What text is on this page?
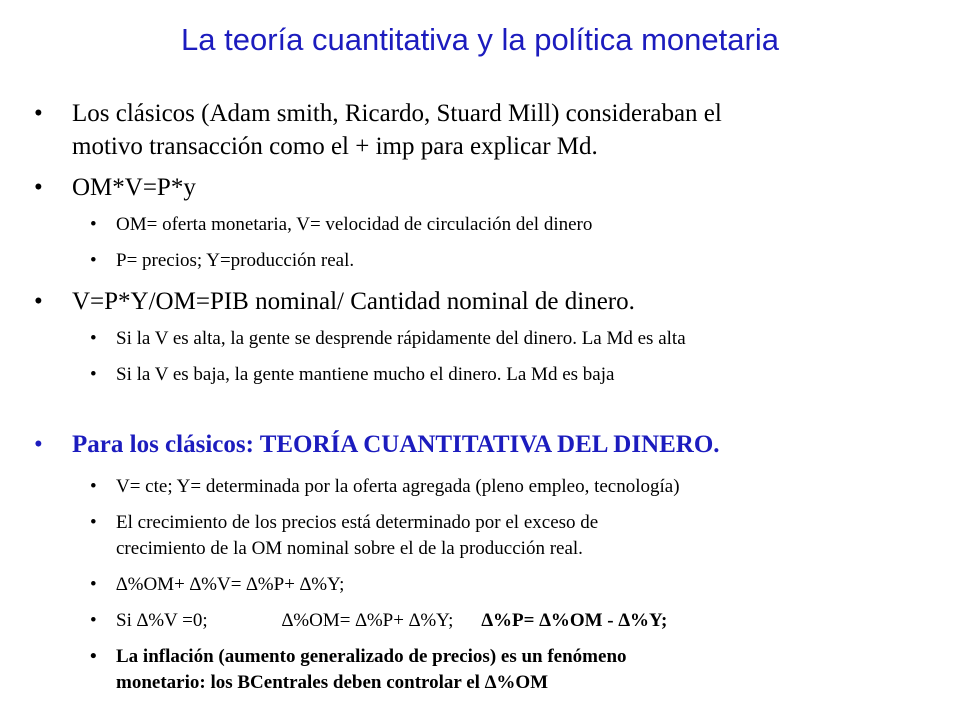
La teoría cuantitativa y la política monetaria
• Los clásicos (Adam smith, Ricardo, Stuard Mill) consideraban el
motivo transacción como el + imp para explicar Md.
• OM*V=P*y
• OM= oferta monetaria, V= velocidad de circulación del dinero
• P= precios; Y=producción real.
• V=P*Y/OM=PIB nominal/ Cantidad nominal de dinero.
• Si la V es alta, la gente se desprende rápidamente del dinero. La Md es alta
• Si la V es baja, la gente mantiene mucho el dinero. La Md es baja
• Para los clásicos: TEORÍA CUANTITATIVA DEL DINERO.
• V= cte; Y= determinada por la oferta agregada (pleno empleo, tecnología)
• El crecimiento de los precios está determinado por el exceso de
crecimiento de la OM nominal sobre el de la producción real.
• ∆%OM+ ∆%V= ∆%P+ ∆%Y;
• Si ∆%V =0;	∆%OM= ∆%P+ ∆%Y; ∆%P= ∆%OM - ∆%Y;
• La inflación (aumento generalizado de precios) es un fenómeno
monetario: los BCentrales deben controlar el ∆%OM
